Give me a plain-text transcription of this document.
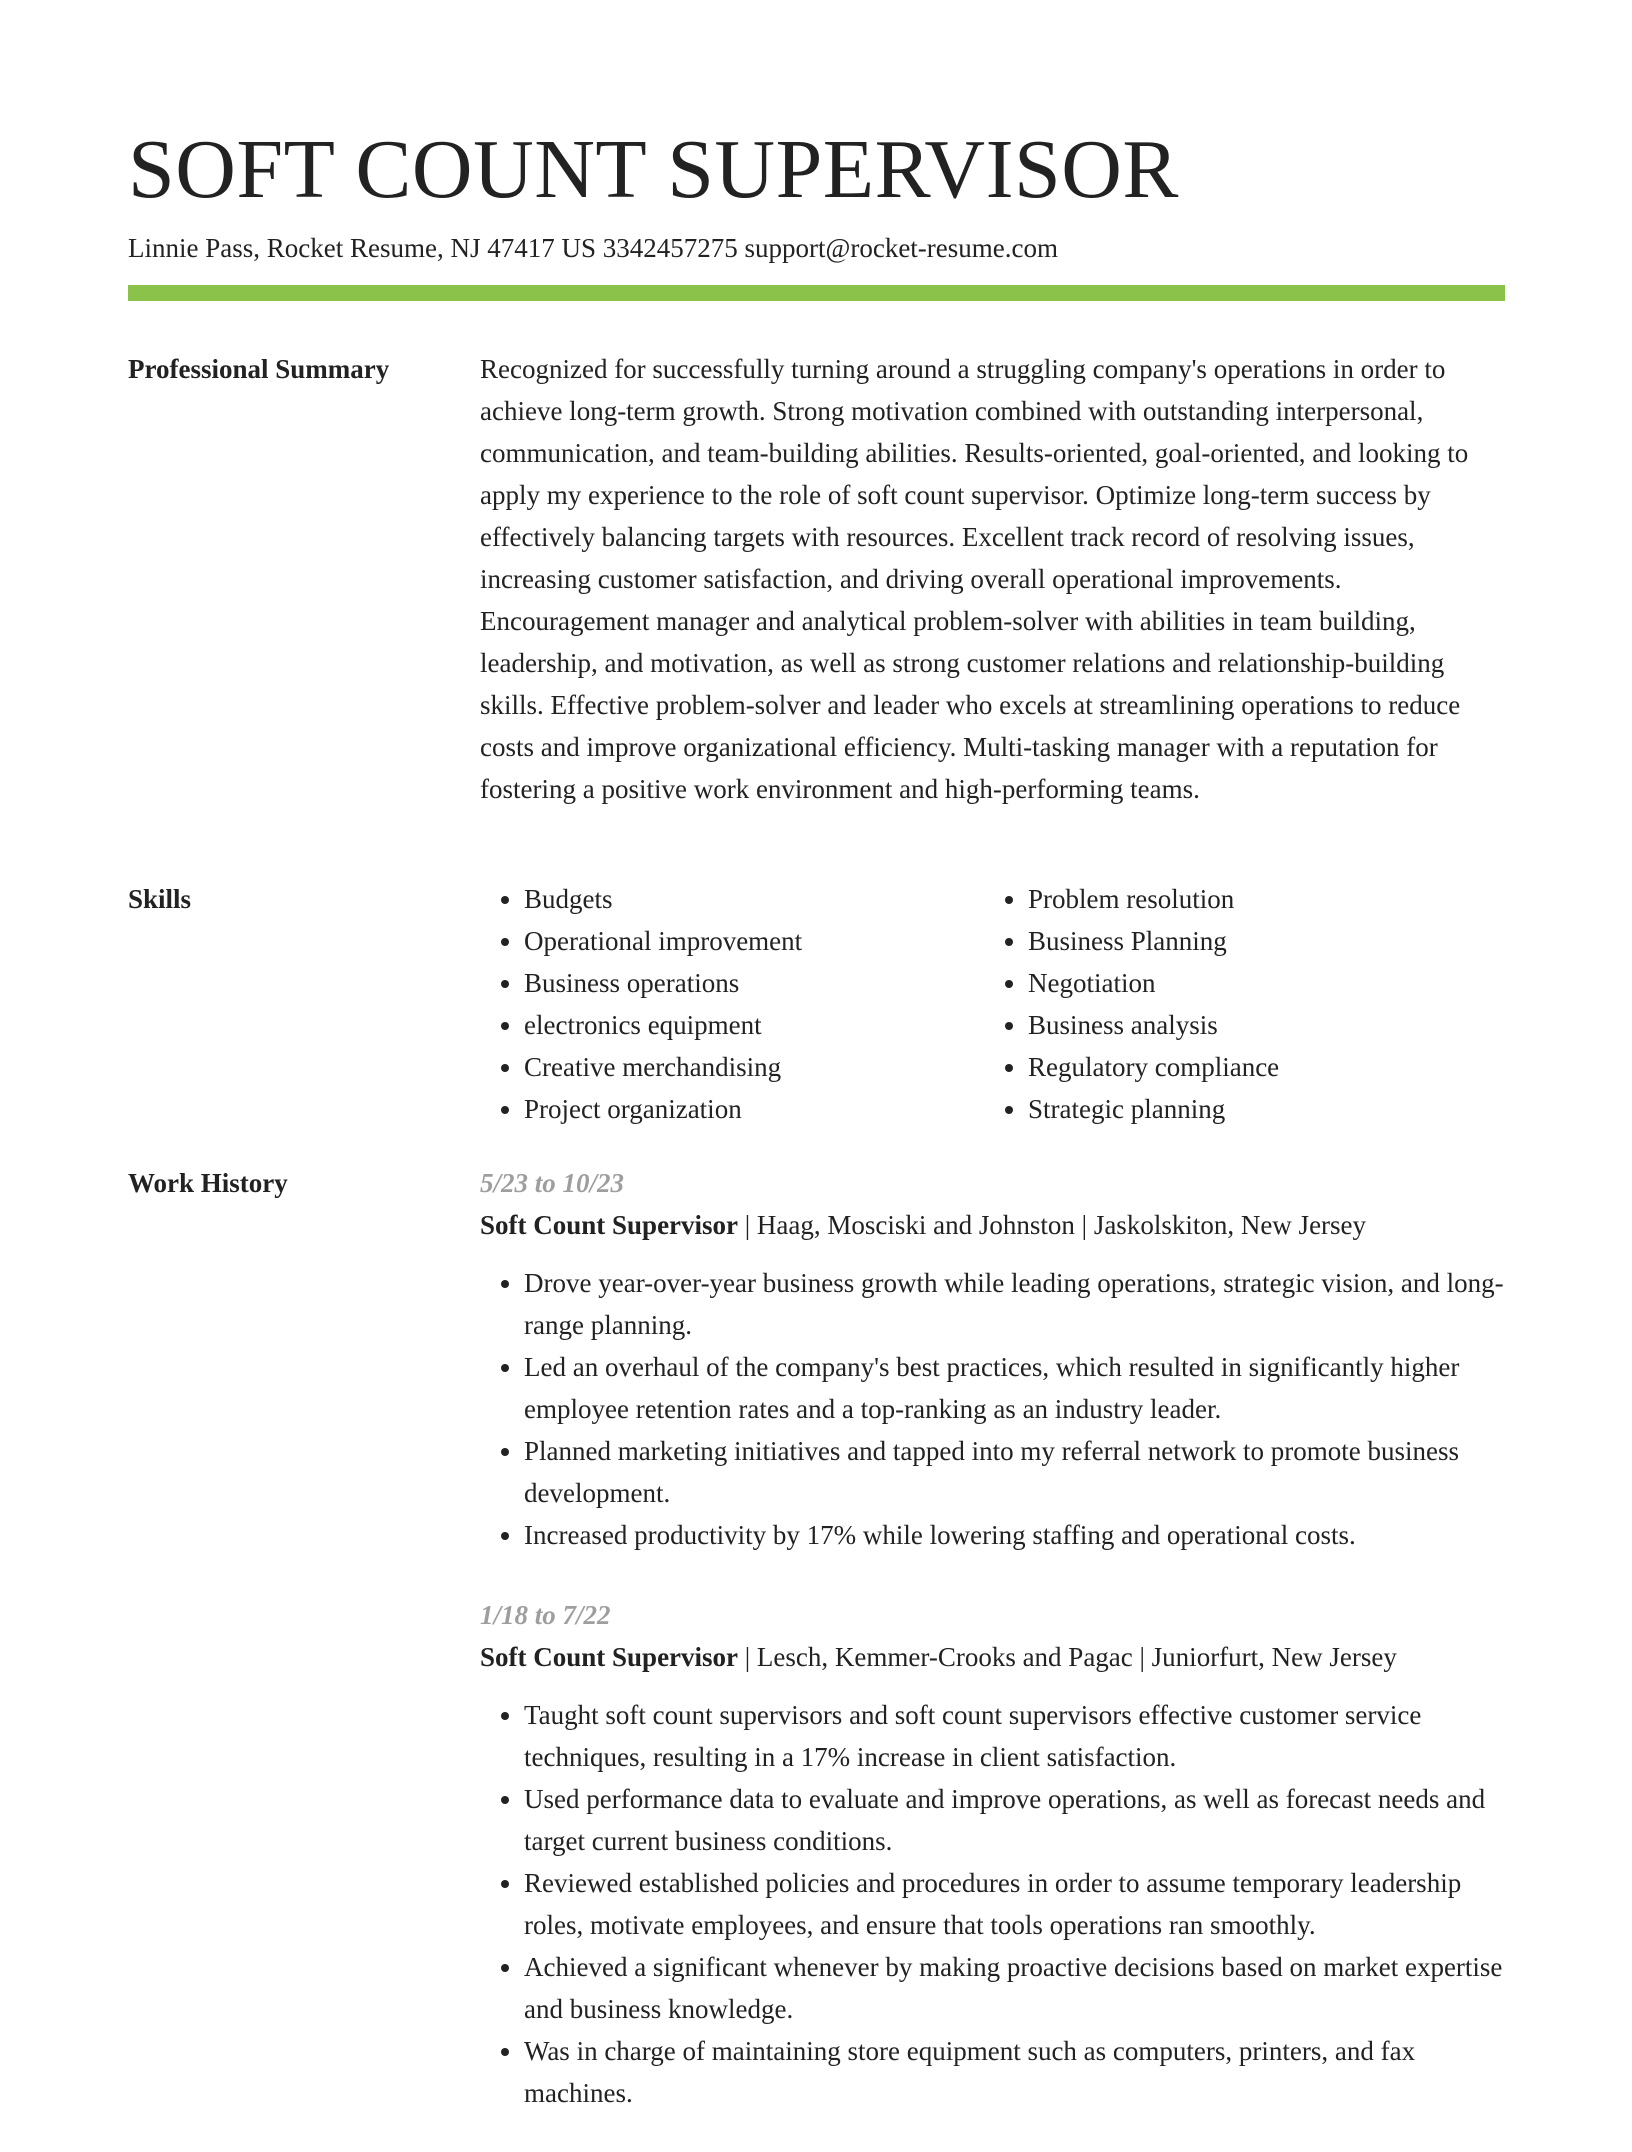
SOFT COUNT SUPERVISOR
Linnie Pass, Rocket Resume, NJ 47417 US 3342457275 support@rocket-resume.com
Professional Summary	Recognized for successfully turning around a struggling company's operations in order to achieve long-term growth. Strong motivation combined with outstanding interpersonal, communication, and team-building abilities. Results-oriented, goal-oriented, and looking to apply my experience to the role of soft count supervisor. Optimize long-term success by effectively balancing targets with resources. Excellent track record of resolving issues, increasing customer satisfaction, and driving overall operational improvements. Encouragement manager and analytical problem-solver with abilities in team building, leadership, and motivation, as well as strong customer relations and relationship-building skills. Effective problem-solver and leader who excels at streamlining operations to reduce costs and improve organizational efficiency. Multi-tasking manager with a reputation for fostering a positive work environment and high-performing teams.

Skills
•	Budgets
• Operational improvement
• Business operations
• electronics equipment
• Creative merchandising
• Project organization
• Problem resolution
• Business Planning
• Negotiation
• Business analysis
• Regulatory compliance
• Strategic planning
Work History	5/23 to 10/23
Soft Count Supervisor | Haag, Mosciski and Johnston | Jaskolskiton, New Jersey
• Drove year-over-year business growth while leading operations, strategic vision, and long-range planning.
• Led an overhaul of the company's best practices, which resulted in significantly higher employee retention rates and a top-ranking as an industry leader.
• Planned marketing initiatives and tapped into my referral network to promote business development.
• Increased productivity by 17% while lowering staffing and operational costs.
1/18 to 7/22
Soft Count Supervisor | Lesch, Kemmer-Crooks and Pagac | Juniorfurt, New Jersey
• Taught soft count supervisors and soft count supervisors effective customer service techniques, resulting in a 17% increase in client satisfaction.
• Used performance data to evaluate and improve operations, as well as forecast needs and target current business conditions.
• Reviewed established policies and procedures in order to assume temporary leadership roles, motivate employees, and ensure that tools operations ran smoothly.
• Achieved a significant whenever by making proactive decisions based on market expertise and business knowledge.
• Was in charge of maintaining store equipment such as computers, printers, and fax machines.
